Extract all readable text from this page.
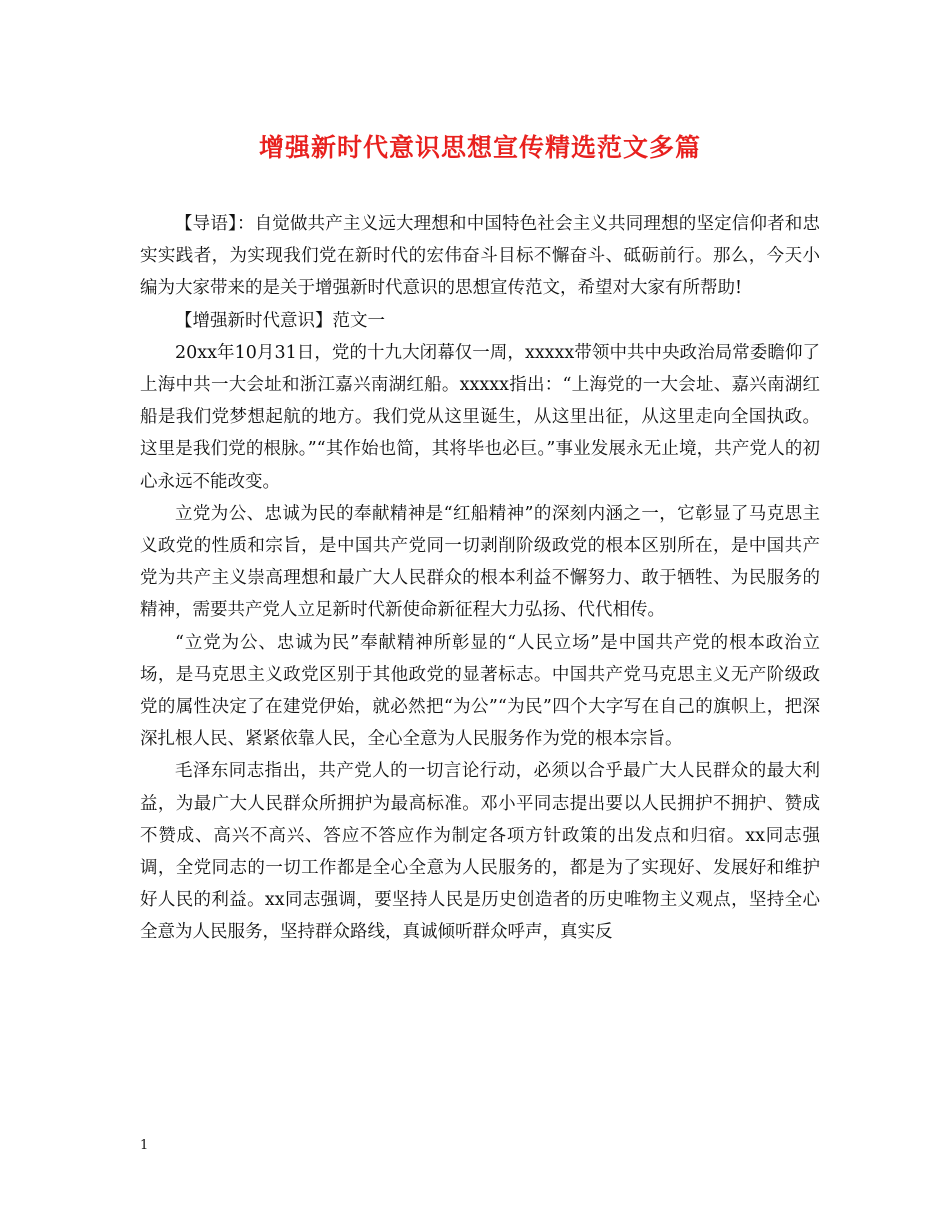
增强新时代意识思想宣传精选范文多篇

【导语】：自觉做共产主义远大理想和中国特色社会主义共同理想的坚定信仰者和忠实实践者，为实现我们党在新时代的宏伟奋斗目标不懈奋斗、砥砺前行。那么，今天小编为大家带来的是关于增强新时代意识的思想宣传范文，希望对大家有所帮助!

【增强新时代意识】范文一

20xx年10月31日，党的十九大闭幕仅一周，xxxxx带领中共中央政治局常委瞻仰了上海中共一大会址和浙江嘉兴南湖红船。xxxxx指出：“上海党的一大会址、嘉兴南湖红船是我们党梦想起航的地方。我们党从这里诞生，从这里出征，从这里走向全国执政。这里是我们党的根脉。”“其作始也简，其将毕也必巨。”事业发展永无止境，共产党人的初心永远不能改变。

立党为公、忠诚为民的奉献精神是“红船精神”的深刻内涵之一，它彰显了马克思主义政党的性质和宗旨，是中国共产党同一切剥削阶级政党的根本区别所在，是中国共产党为共产主义崇高理想和最广大人民群众的根本利益不懈努力、敢于牺牲、为民服务的精神，需要共产党人立足新时代新使命新征程大力弘扬、代代相传。

“立党为公、忠诚为民”奉献精神所彰显的“人民立场”是中国共产党的根本政治立场，是马克思主义政党区别于其他政党的显著标志。中国共产党马克思主义无产阶级政党的属性决定了在建党伊始，就必然把“为公”“为民”四个大字写在自己的旗帜上，把深深扎根人民、紧紧依靠人民，全心全意为人民服务作为党的根本宗旨。

毛泽东同志指出，共产党人的一切言论行动，必须以合乎最广大人民群众的最大利益，为最广大人民群众所拥护为最高标准。邓小平同志提出要以人民拥护不拥护、赞成不赞成、高兴不高兴、答应不答应作为制定各项方针政策的出发点和归宿。xx同志强调，全党同志的一切工作都是全心全意为人民服务的，都是为了实现好、发展好和维护好人民的利益。xx同志强调，要坚持人民是历史创造者的历史唯物主义观点，坚持全心全意为人民服务，坚持群众路线，真诚倾听群众呼声，真实反

1
